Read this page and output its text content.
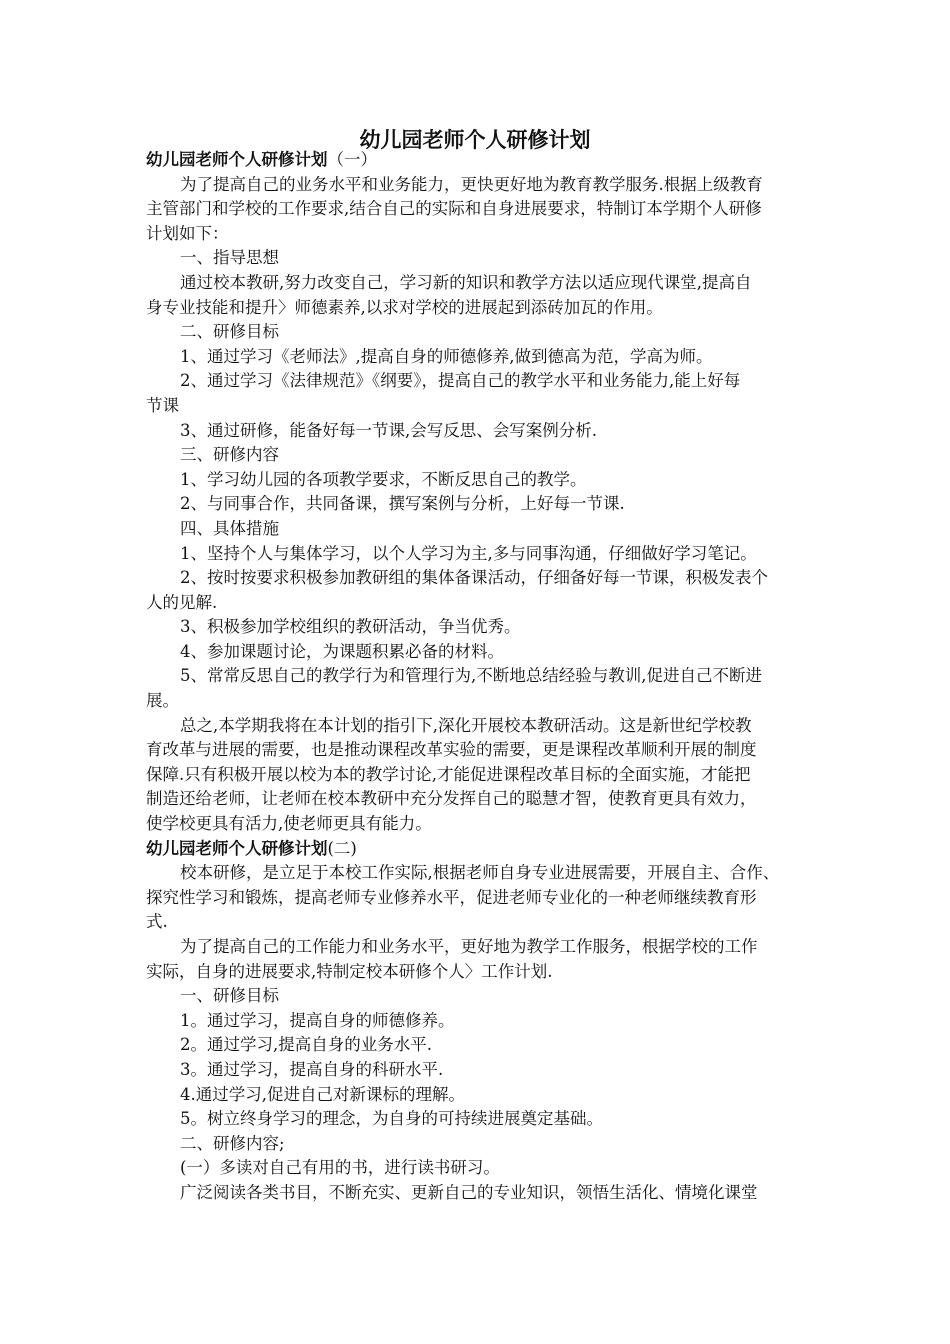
幼儿园老师个人研修计划
幼儿园老师个人研修计划（一）
为了提高自己的业务水平和业务能力，更快更好地为教育教学服务.根据上级教育
主管部门和学校的工作要求,结合自己的实际和自身进展要求，特制订本学期个人研修
计划如下：
一、指导思想
通过校本教研,努力改变自己，学习新的知识和教学方法以适应现代课堂,提高自
身专业技能和提升〉师德素养,以求对学校的进展起到添砖加瓦的作用。
二、研修目标
1、通过学习《老师法》,提高自身的师德修养,做到德高为范，学高为师。
2、通过学习《法律规范》《纲要》，提高自己的教学水平和业务能力,能上好每
节课
3、通过研修，能备好每一节课,会写反思、会写案例分析.
三、研修内容
1、学习幼儿园的各项教学要求，不断反思自己的教学。
2、与同事合作，共同备课，撰写案例与分析，上好每一节课.
四、具体措施
1、坚持个人与集体学习，以个人学习为主,多与同事沟通，仔细做好学习笔记。
2、按时按要求积极参加教研组的集体备课活动，仔细备好每一节课，积极发表个
人的见解.
3、积极参加学校组织的教研活动，争当优秀。
4、参加课题讨论，为课题积累必备的材料。
5、常常反思自己的教学行为和管理行为,不断地总结经验与教训,促进自己不断进
展。
总之,本学期我将在本计划的指引下,深化开展校本教研活动。这是新世纪学校教
育改革与进展的需要，也是推动课程改革实验的需要，更是课程改革顺利开展的制度
保障.只有积极开展以校为本的教学讨论,才能促进课程改革目标的全面实施，才能把
制造还给老师，让老师在校本教研中充分发挥自己的聪慧才智，使教育更具有效力，
使学校更具有活力,使老师更具有能力。
幼儿园老师个人研修计划(二)
校本研修，是立足于本校工作实际,根据老师自身专业进展需要，开展自主、合作、
探究性学习和锻炼，提高老师专业修养水平，促进老师专业化的一种老师继续教育形
式.
为了提高自己的工作能力和业务水平，更好地为教学工作服务，根据学校的工作
实际，自身的进展要求,特制定校本研修个人〉工作计划.
一、研修目标
1。通过学习，提高自身的师德修养。
2。通过学习,提高自身的业务水平.
3。通过学习，提高自身的科研水平.
4.通过学习,促进自己对新课标的理解。
5。树立终身学习的理念，为自身的可持续进展奠定基础。
二、研修内容;
(一）多读对自己有用的书，进行读书研习。
广泛阅读各类书目，不断充实、更新自己的专业知识，领悟生活化、情境化课堂
